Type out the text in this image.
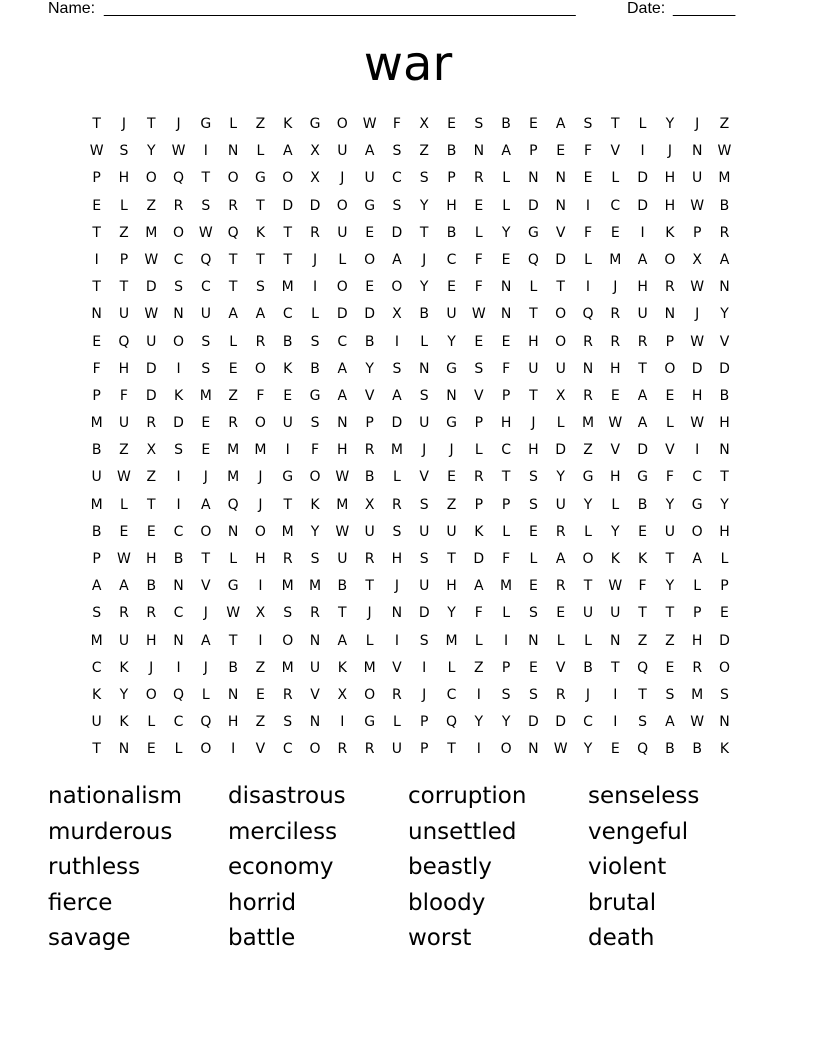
Name: _____________________________________________________	Date: _______
war
T	J	T	J	G	L	Z	K	G	O	W	F	X	E	S	B	E	A	S	T	L	Y	J	Z
W	S	Y	W	I	N	L	A	X	U	A	S	Z	B	N	A	P	E	F	V	I	J	N	W
P	H	O	Q	T	O	G	O	X	J	U	C	S	P	R	L	N	N	E	L	D	H	U	M
E	L	Z	R	S	R	T	D	D	O	G	S	Y	H	E	L	D	N	I	C	D	H	W	B
T	Z	M	O	W	Q	K	T	R	U	E	D	T	B	L	Y	G	V	F	E	I	K	P	R
I	P	W	C	Q	T	T	T	J	L	O	A	J	C	F	E	Q	D	L	M	A	O	X	A
T	T	D	S	C	T	S	M	I	O	E	O	Y	E	F	N	L	T	I	J	H	R	W	N
N	U	W	N	U	A	A	C	L	D	D	X	B	U	W	N	T	O	Q	R	U	N	J	Y
E	Q	U	O	S	L	R	B	S	C	B	I	L	Y	E	E	H	O	R	R	R	P	W	V
F	H	D	I	S	E	O	K	B	A	Y	S	N	G	S	F	U	U	N	H	T	O	D	D
P	F	D	K	M	Z	F	E	G	A	V	A	S	N	V	P	T	X	R	E	A	E	H	B
M	U	R	D	E	R	O	U	S	N	P	D	U	G	P	H	J	L	M	W	A	L	W	H
B	Z	X	S	E	M	M	I	F	H	R	M	J	J	L	C	H	D	Z	V	D	V	I	N
U	W	Z	I	J	M	J	G	O	W	B	L	V	E	R	T	S	Y	G	H	G	F	C	T
M	L	T	I	A	Q	J	T	K	M	X	R	S	Z	P	P	S	U	Y	L	B	Y	G	Y
B	E	E	C	O	N	O	M	Y	W	U	S	U	U	K	L	E	R	L	Y	E	U	O	H
P	W	H	B	T	L	H	R	S	U	R	H	S	T	D	F	L	A	O	K	K	T	A	L
A	A	B	N	V	G	I	M	M	B	T	J	U	H	A	M	E	R	T	W	F	Y	L	P
S	R	R	C	J	W	X	S	R	T	J	N	D	Y	F	L	S	E	U	U	T	T	P	E
M	U	H	N	A	T	I	O	N	A	L	I	S	M	L	I	N	L	L	N	Z	Z	H	D
C	K	J	I	J	B	Z	M	U	K	M	V	I	L	Z	P	E	V	B	T	Q	E	R	O
K	Y	O	Q	L	N	E	R	V	X	O	R	J	C	I	S	S	R	J	I	T	S	M	S
U	K	L	C	Q	H	Z	S	N	I	G	L	P	Q	Y	Y	D	D	C	I	S	A	W	N
T	N	E	L	O	I	V	C	O	R	R	U	P	T	I	O	N	W	Y	E	Q	B	B	K
nationalism	disastrous	corruption	senseless
murderous	merciless	unsettled	vengeful
ruthless	economy	beastly	violent
fierce	horrid	bloody	brutal
savage	battle	worst	death
